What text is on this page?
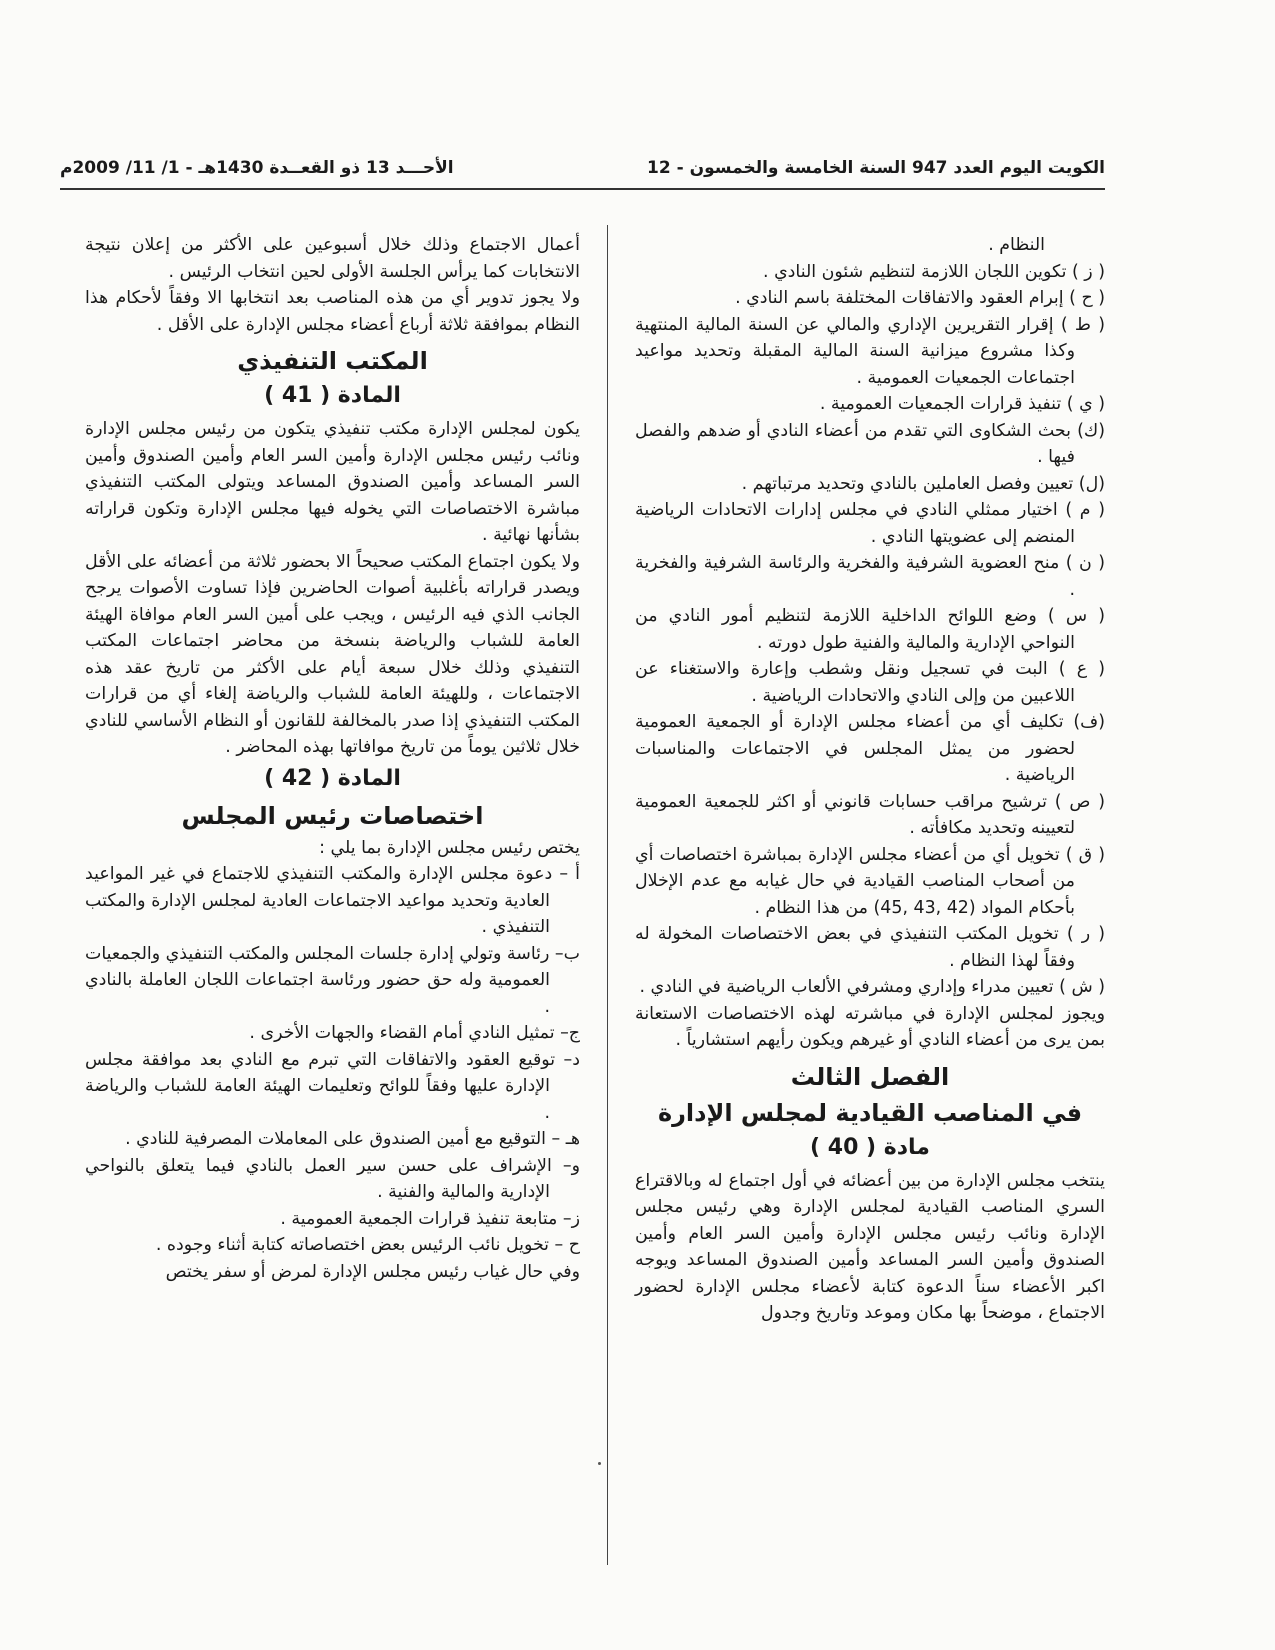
الكويت اليوم العدد 947 السنة الخامسة والخمسون - 12
الأحـــد 13 ذو القعــدة 1430هـ - 1/ 11/ 2009م

النظام .

( ز ) تكوين اللجان اللازمة لتنظيم شئون النادي .

( ح ) إبرام العقود والاتفاقات المختلفة باسم النادي .

( ط ) إقرار التقريرين الإداري والمالي عن السنة المالية المنتهية وكذا مشروع ميزانية السنة المالية المقبلة وتحديد مواعيد اجتماعات الجمعيات العمومية .

( ي ) تنفيذ قرارات الجمعيات العمومية .

(ك) بحث الشكاوى التي تقدم من أعضاء النادي أو ضدهم والفصل فيها .

(ل) تعيين وفصل العاملين بالنادي وتحديد مرتباتهم .

( م ) اختيار ممثلي النادي في مجلس إدارات الاتحادات الرياضية المنضم إلى عضويتها النادي .

( ن ) منح العضوية الشرفية والفخرية والرئاسة الشرفية والفخرية .

( س ) وضع اللوائح الداخلية اللازمة لتنظيم أمور النادي من النواحي الإدارية والمالية والفنية طول دورته .

( ع ) البت في تسجيل ونقل وشطب وإعارة والاستغناء عن اللاعبين من وإلى النادي والاتحادات الرياضية .

(ف) تكليف أي من أعضاء مجلس الإدارة أو الجمعية العمومية لحضور من يمثل المجلس في الاجتماعات والمناسبات الرياضية .

( ص ) ترشيح مراقب حسابات قانوني أو اكثر للجمعية العمومية لتعيينه وتحديد مكافأته .

( ق ) تخويل أي من أعضاء مجلس الإدارة بمباشرة اختصاصات أي من أصحاب المناصب القيادية في حال غيابه مع عدم الإخلال بأحكام المواد (42 ,43 ,45) من هذا النظام .

( ر ) تخويل المكتب التنفيذي في بعض الاختصاصات المخولة له وفقاً لهذا النظام .

( ش ) تعيين مدراء وإداري ومشرفي الألعاب الرياضية في النادي .

ويجوز لمجلس الإدارة في مباشرته لهذه الاختصاصات الاستعانة بمن يرى من أعضاء النادي أو غيرهم ويكون رأيهم استشارياً .

الفصل الثالث
في المناصب القيادية لمجلس الإدارة
مادة ( 40 )

ينتخب مجلس الإدارة من بين أعضائه في أول اجتماع له وبالاقتراع السري المناصب القيادية لمجلس الإدارة وهي رئيس مجلس الإدارة ونائب رئيس مجلس الإدارة وأمين السر العام وأمين الصندوق وأمين السر المساعد وأمين الصندوق المساعد ويوجه اكبر الأعضاء سناً الدعوة كتابة لأعضاء مجلس الإدارة لحضور الاجتماع ، موضحاً بها مكان وموعد وتاريخ وجدول

أعمال الاجتماع وذلك خلال أسبوعين على الأكثر من إعلان نتيجة الانتخابات كما يرأس الجلسة الأولى لحين انتخاب الرئيس .

ولا يجوز تدوير أي من هذه المناصب بعد انتخابها الا وفقاً لأحكام هذا النظام بموافقة ثلاثة أرباع أعضاء مجلس الإدارة على الأقل .

المكتب التنفيذي
المادة ( 41 )

يكون لمجلس الإدارة مكتب تنفيذي يتكون من رئيس مجلس الإدارة ونائب رئيس مجلس الإدارة وأمين السر العام وأمين الصندوق وأمين السر المساعد وأمين الصندوق المساعد ويتولى المكتب التنفيذي مباشرة الاختصاصات التي يخوله فيها مجلس الإدارة وتكون قراراته بشأنها نهائية .

ولا يكون اجتماع المكتب صحيحاً الا بحضور ثلاثة من أعضائه على الأقل ويصدر قراراته بأغلبية أصوات الحاضرين فإذا تساوت الأصوات يرجح الجانب الذي فيه الرئيس ، ويجب على أمين السر العام موافاة الهيئة العامة للشباب والرياضة بنسخة من محاضر اجتماعات المكتب التنفيذي وذلك خلال سبعة أيام على الأكثر من تاريخ عقد هذه الاجتماعات ، وللهيئة العامة للشباب والرياضة إلغاء أي من قرارات المكتب التنفيذي إذا صدر بالمخالفة للقانون أو النظام الأساسي للنادي خلال ثلاثين يوماً من تاريخ موافاتها بهذه المحاضر .

المادة ( 42 )
اختصاصات رئيس المجلس

يختص رئيس مجلس الإدارة بما يلي :

أ – دعوة مجلس الإدارة والمكتب التنفيذي للاجتماع في غير المواعيد العادية وتحديد مواعيد الاجتماعات العادية لمجلس الإدارة والمكتب التنفيذي .

ب– رئاسة وتولي إدارة جلسات المجلس والمكتب التنفيذي والجمعيات العمومية وله حق حضور ورئاسة اجتماعات اللجان العاملة بالنادي .

ج– تمثيل النادي أمام القضاء والجهات الأخرى .

د– توقيع العقود والاتفاقات التي تبرم مع النادي بعد موافقة مجلس الإدارة عليها وفقاً للوائح وتعليمات الهيئة العامة للشباب والرياضة .

هـ – التوقيع مع أمين الصندوق على المعاملات المصرفية للنادي .

و– الإشراف على حسن سير العمل بالنادي فيما يتعلق بالنواحي الإدارية والمالية والفنية .

ز– متابعة تنفيذ قرارات الجمعية العمومية .

ح – تخويل نائب الرئيس بعض اختصاصاته كتابة أثناء وجوده .

وفي حال غياب رئيس مجلس الإدارة لمرض أو سفر يختص
